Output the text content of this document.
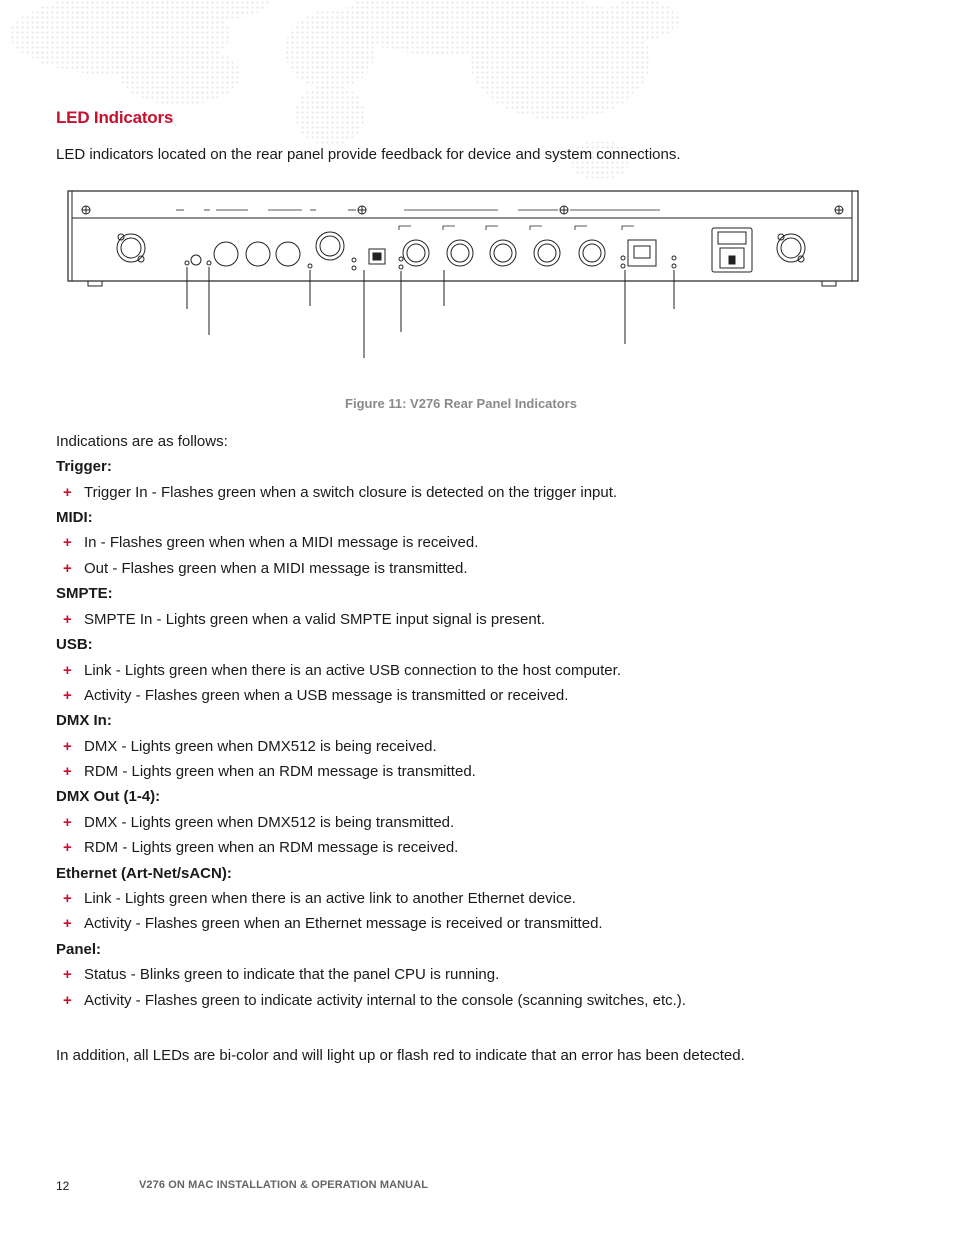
LED Indicators

LED indicators located on the rear panel provide feedback for device and system connections.

Figure 11: V276 Rear Panel Indicators

Indications are as follows:

Trigger:

+ Trigger In - Flashes green when a switch closure is detected on the trigger input.

MIDI:

+ In - Flashes green when when a MIDI message is received.

+ Out - Flashes green when a MIDI message is transmitted.

SMPTE:

+ SMPTE In - Lights green when a valid SMPTE input signal is present.

USB:

+ Link - Lights green when there is an active USB connection to the host computer.

+ Activity - Flashes green when a USB message is transmitted or received.

DMX In:

+ DMX - Lights green when DMX512 is being received.

+ RDM - Lights green when an RDM message is transmitted.

DMX Out (1-4):

+ DMX - Lights green when DMX512 is being transmitted.

+ RDM - Lights green when an RDM message is received.

Ethernet (Art-Net/sACN):

+ Link - Lights green when there is an active link to another Ethernet device.

+ Activity - Flashes green when an Ethernet message is received or transmitted.

Panel:

+ Status - Blinks green to indicate that the panel CPU is running.

+ Activity - Flashes green to indicate activity internal to the console (scanning switches, etc.).

In addition, all LEDs are bi-color and will light up or flash red to indicate that an error has been detected.

12	V276 ON MAC INSTALLATION & OPERATION MANUAL
